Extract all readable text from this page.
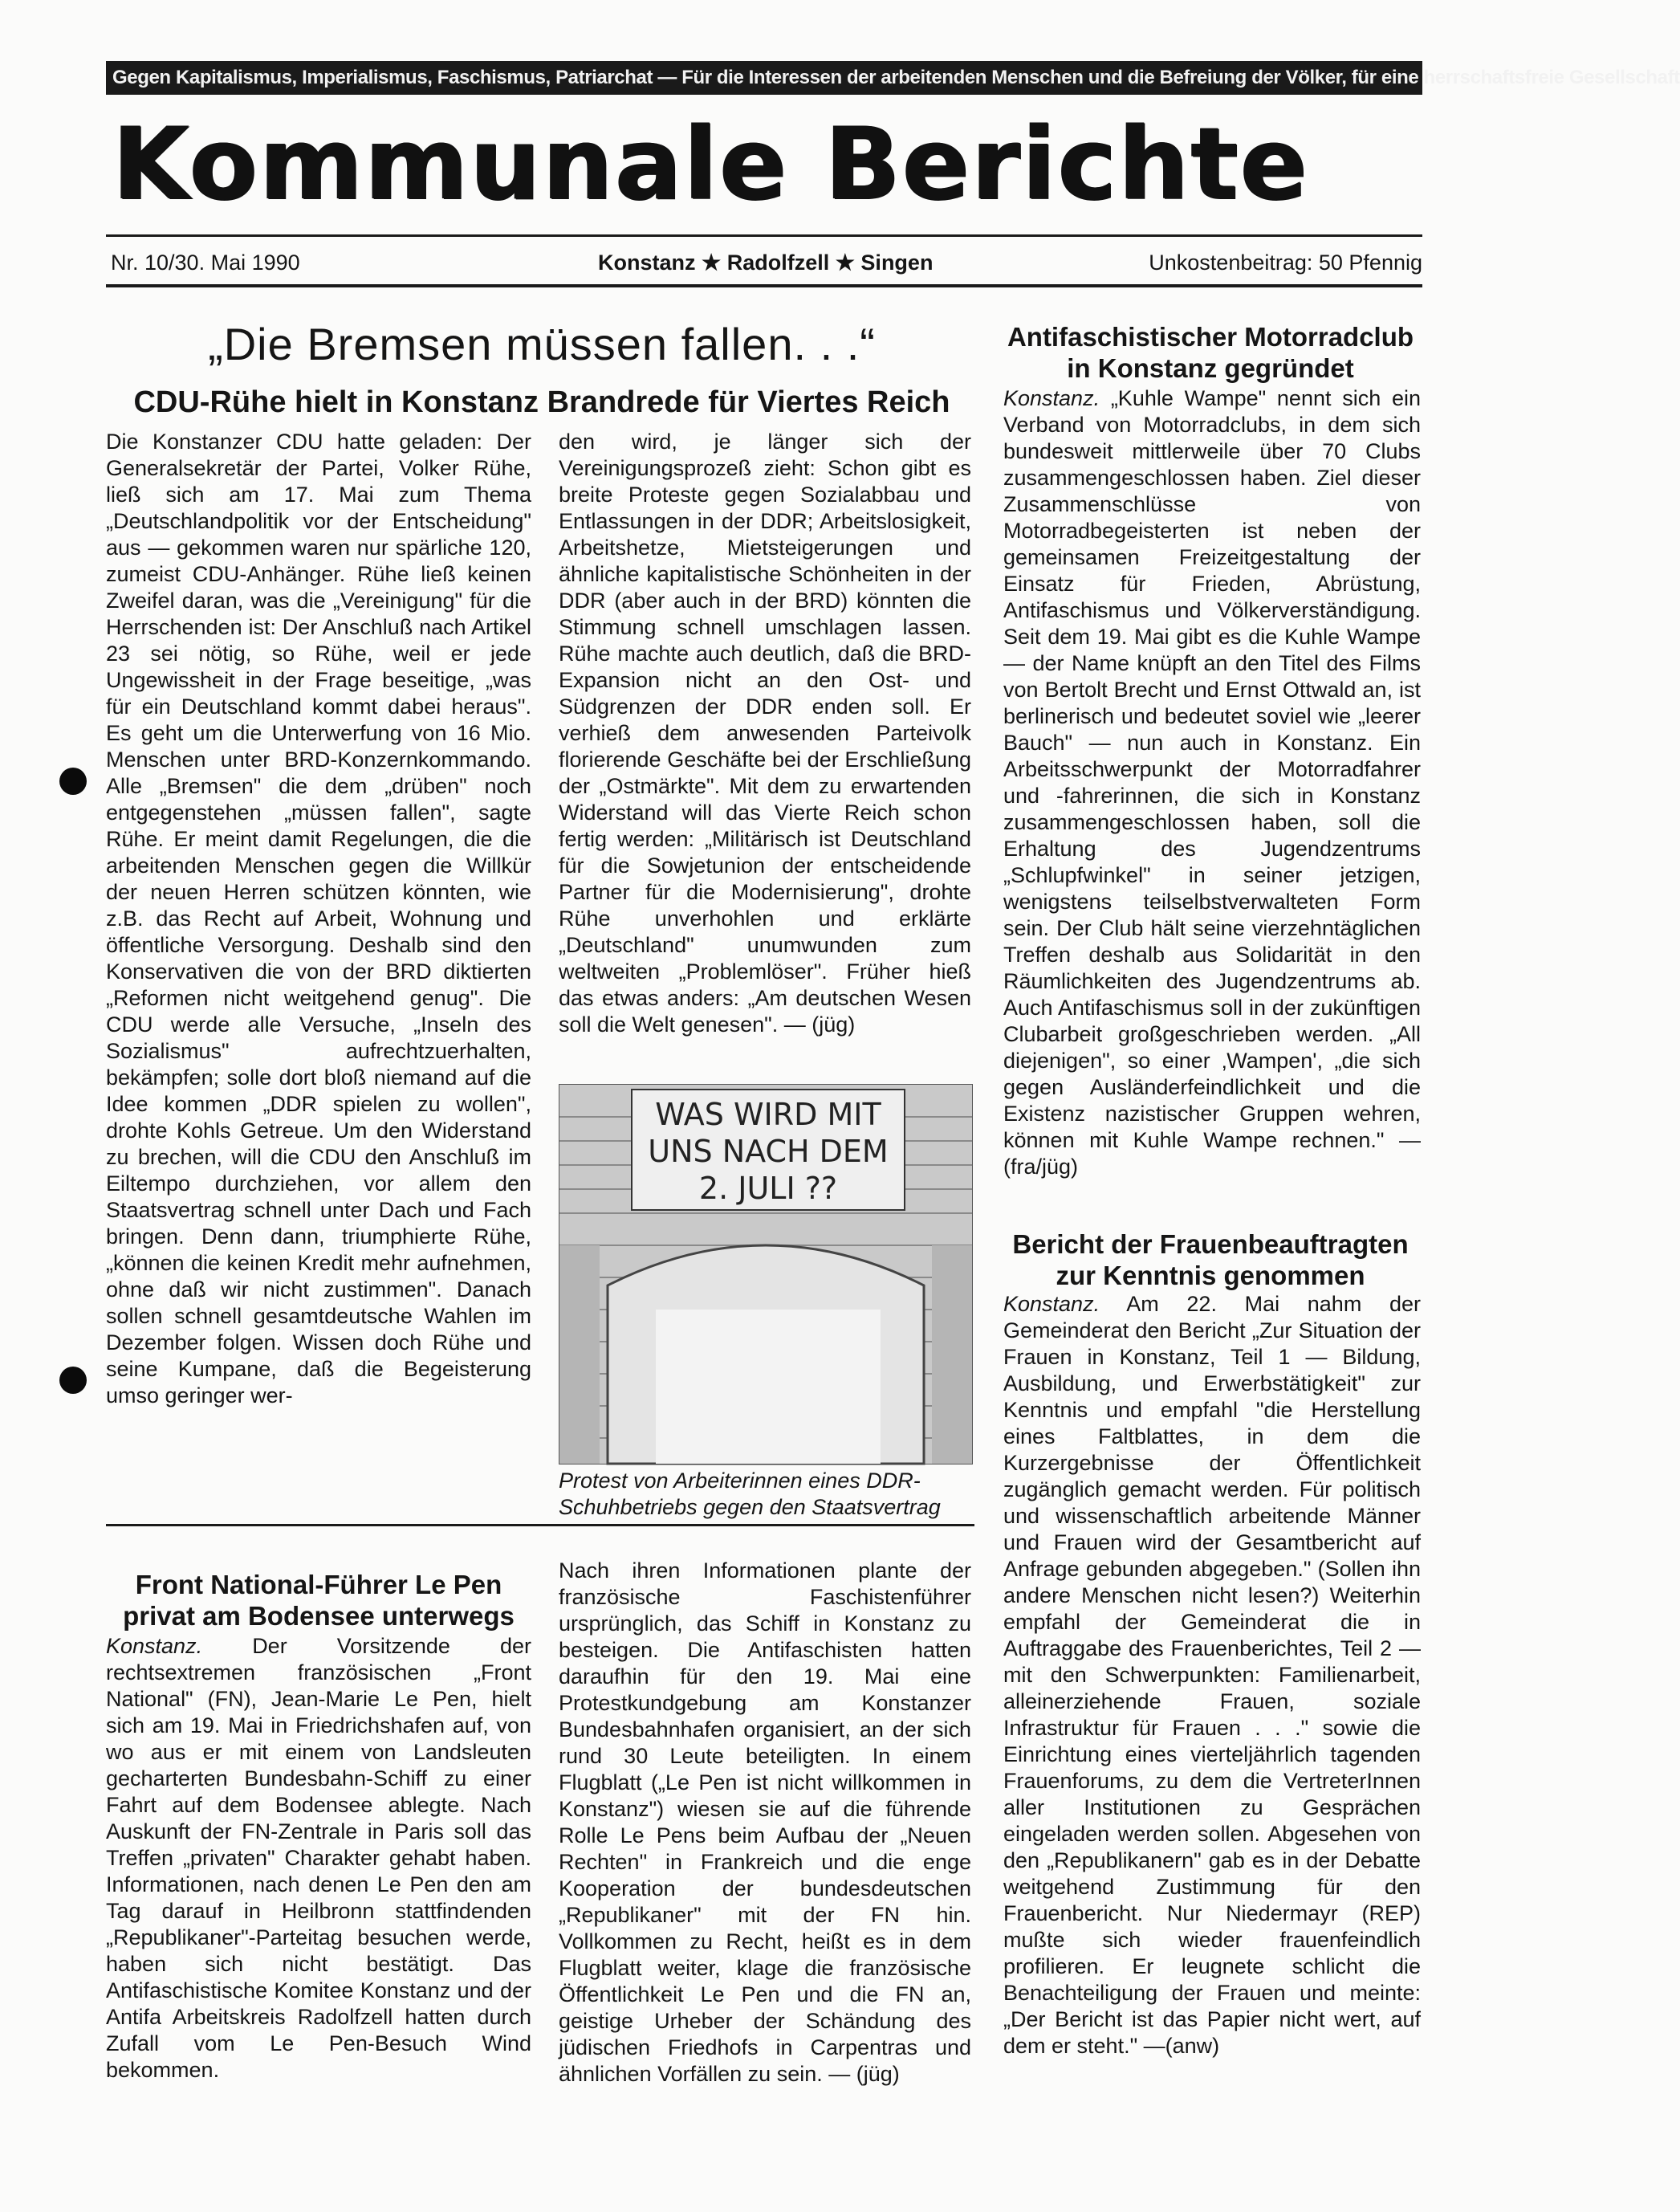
Gegen Kapitalismus, Imperialismus, Faschismus, Patriarchat — Für die Interessen der arbeitenden Menschen und die Befreiung der Völker, für eine herrschaftsfreie Gesellschaft
Kommunale Berichte
Nr. 10/30. Mai 1990	Konstanz ★ Radolfzell ★ Singen	Unkostenbeitrag: 50 Pfennig
„Die Bremsen müssen fallen. . .“
CDU-Rühe hielt in Konstanz Brandrede für Viertes Reich

Die Konstanzer CDU hatte geladen: Der Generalsekretär der Partei, Volker Rühe, ließ sich am 17. Mai zum Thema „Deutschlandpolitik vor der Entscheidung" aus — gekommen waren nur spärliche 120, zumeist CDU-Anhänger. Rühe ließ keinen Zweifel daran, was die „Vereinigung" für die Herrschenden ist: Der Anschluß nach Artikel 23 sei nötig, so Rühe, weil er jede Ungewissheit in der Frage beseitige, „was für ein Deutschland kommt dabei heraus". Es geht um die Unterwerfung von 16 Mio. Menschen unter BRD-Konzernkommando. Alle „Bremsen" die dem „drüben" noch entgegenstehen „müssen fallen", sagte Rühe. Er meint damit Regelungen, die die arbeitenden Menschen gegen die Willkür der neuen Herren schützen könnten, wie z.B. das Recht auf Arbeit, Wohnung und öffentliche Versorgung. Deshalb sind den Konservativen die von der BRD diktierten „Reformen nicht weitgehend genug". Die CDU werde alle Versuche, „Inseln des Sozialismus" aufrechtzuerhalten, bekämpfen; solle dort bloß niemand auf die Idee kommen „DDR spielen zu wollen", drohte Kohls Getreue. Um den Widerstand zu brechen, will die CDU den Anschluß im Eiltempo durchziehen, vor allem den Staatsvertrag schnell unter Dach und Fach bringen. Denn dann, triumphierte Rühe, „können die keinen Kredit mehr aufnehmen, ohne daß wir nicht zustimmen". Danach sollen schnell gesamtdeutsche Wahlen im Dezember folgen. Wissen doch Rühe und seine Kumpane, daß die Begeisterung umso geringer wer-

den wird, je länger sich der Vereinigungsprozeß zieht: Schon gibt es breite Proteste gegen Sozialabbau und Entlassungen in der DDR; Arbeitslosigkeit, Arbeitshetze, Mietsteigerungen und ähnliche kapitalistische Schönheiten in der DDR (aber auch in der BRD) könnten die Stimmung schnell umschlagen lassen. Rühe machte auch deutlich, daß die BRD-Expansion nicht an den Ost- und Südgrenzen der DDR enden soll. Er verhieß dem anwesenden Parteivolk florierende Geschäfte bei der Erschließung der „Ostmärkte". Mit dem zu erwartenden Widerstand will das Vierte Reich schon fertig werden: „Militärisch ist Deutschland für die Sowjetunion der entscheidende Partner für die Modernisierung", drohte Rühe unverhohlen und erklärte „Deutschland" unumwunden zum weltweiten „Problemlöser". Früher hieß das etwas anders: „Am deutschen Wesen soll die Welt genesen". — (jüg)

WAS WIRD MIT UNS NACH DEM 2. JULI ??
Protest von Arbeiterinnen eines DDR-Schuhbetriebs gegen den Staatsvertrag
Antifaschistischer Motorradclub in Konstanz gegründet

Konstanz. „Kuhle Wampe" nennt sich ein Verband von Motorradclubs, in dem sich bundesweit mittlerweile über 70 Clubs zusammengeschlossen haben. Ziel dieser Zusammenschlüsse von Motorradbegeisterten ist neben der gemeinsamen Freizeitgestaltung der Einsatz für Frieden, Abrüstung, Antifaschismus und Völkerverständigung. Seit dem 19. Mai gibt es die Kuhle Wampe — der Name knüpft an den Titel des Films von Bertolt Brecht und Ernst Ottwald an, ist berlinerisch und bedeutet soviel wie „leerer Bauch" — nun auch in Konstanz. Ein Arbeitsschwerpunkt der Motorradfahrer und -fahrerinnen, die sich in Konstanz zusammengeschlossen haben, soll die Erhaltung des Jugendzentrums „Schlupfwinkel" in seiner jetzigen, wenigstens teilselbstverwalteten Form sein. Der Club hält seine vierzehntäglichen Treffen deshalb aus Solidarität in den Räumlichkeiten des Jugendzentrums ab. Auch Antifaschismus soll in der zukünftigen Clubarbeit großgeschrieben werden. „All diejenigen", so einer ‚Wampen', „die sich gegen Ausländerfeindlichkeit und die Existenz nazistischer Gruppen wehren, können mit Kuhle Wampe rechnen." — (fra/jüg)

Bericht der Frauenbeauftragten zur Kenntnis genommen

Konstanz. Am 22. Mai nahm der Gemeinderat den Bericht „Zur Situation der Frauen in Konstanz, Teil 1 — Bildung, Ausbildung, und Erwerbstätigkeit" zur Kenntnis und empfahl "die Herstellung eines Faltblattes, in dem die Kurzergebnisse der Öffentlichkeit zugänglich gemacht werden. Für politisch und wissenschaftlich arbeitende Männer und Frauen wird der Gesamtbericht auf Anfrage gebunden abgegeben." (Sollen ihn andere Menschen nicht lesen?) Weiterhin empfahl der Gemeinderat die in Auftraggabe des Frauenberichtes, Teil 2 — mit den Schwerpunkten: Familienarbeit, alleinerziehende Frauen, soziale Infrastruktur für Frauen . . ." sowie die Einrichtung eines vierteljährlich tagenden Frauenforums, zu dem die VertreterInnen aller Institutionen zu Gesprächen eingeladen werden sollen. Abgesehen von den „Republikanern" gab es in der Debatte weitgehend Zustimmung für den Frauenbericht. Nur Niedermayr (REP) mußte sich wieder frauenfeindlich profilieren. Er leugnete schlicht die Benachteiligung der Frauen und meinte: „Der Bericht ist das Papier nicht wert, auf dem er steht." —(anw)

Front National-Führer Le Pen privat am Bodensee unterwegs

Konstanz. Der Vorsitzende der rechtsextremen französischen „Front National" (FN), Jean-Marie Le Pen, hielt sich am 19. Mai in Friedrichshafen auf, von wo aus er mit einem von Landsleuten gecharterten Bundesbahn-Schiff zu einer Fahrt auf dem Bodensee ablegte. Nach Auskunft der FN-Zentrale in Paris soll das Treffen „privaten" Charakter gehabt haben. Informationen, nach denen Le Pen den am Tag darauf in Heilbronn stattfindenden „Republikaner"-Parteitag besuchen werde, haben sich nicht bestätigt. Das Antifaschistische Komitee Konstanz und der Antifa Arbeitskreis Radolfzell hatten durch Zufall vom Le Pen-Besuch Wind bekommen.

Nach ihren Informationen plante der französische Faschistenführer ursprünglich, das Schiff in Konstanz zu besteigen. Die Antifaschisten hatten daraufhin für den 19. Mai eine Protestkundgebung am Konstanzer Bundesbahnhafen organisiert, an der sich rund 30 Leute beteiligten. In einem Flugblatt („Le Pen ist nicht willkommen in Konstanz") wiesen sie auf die führende Rolle Le Pens beim Aufbau der „Neuen Rechten" in Frankreich und die enge Kooperation der bundesdeutschen „Republikaner" mit der FN hin. Vollkommen zu Recht, heißt es in dem Flugblatt weiter, klage die französische Öffentlichkeit Le Pen und die FN an, geistige Urheber der Schändung des jüdischen Friedhofs in Carpentras und ähnlichen Vorfällen zu sein. — (jüg)
